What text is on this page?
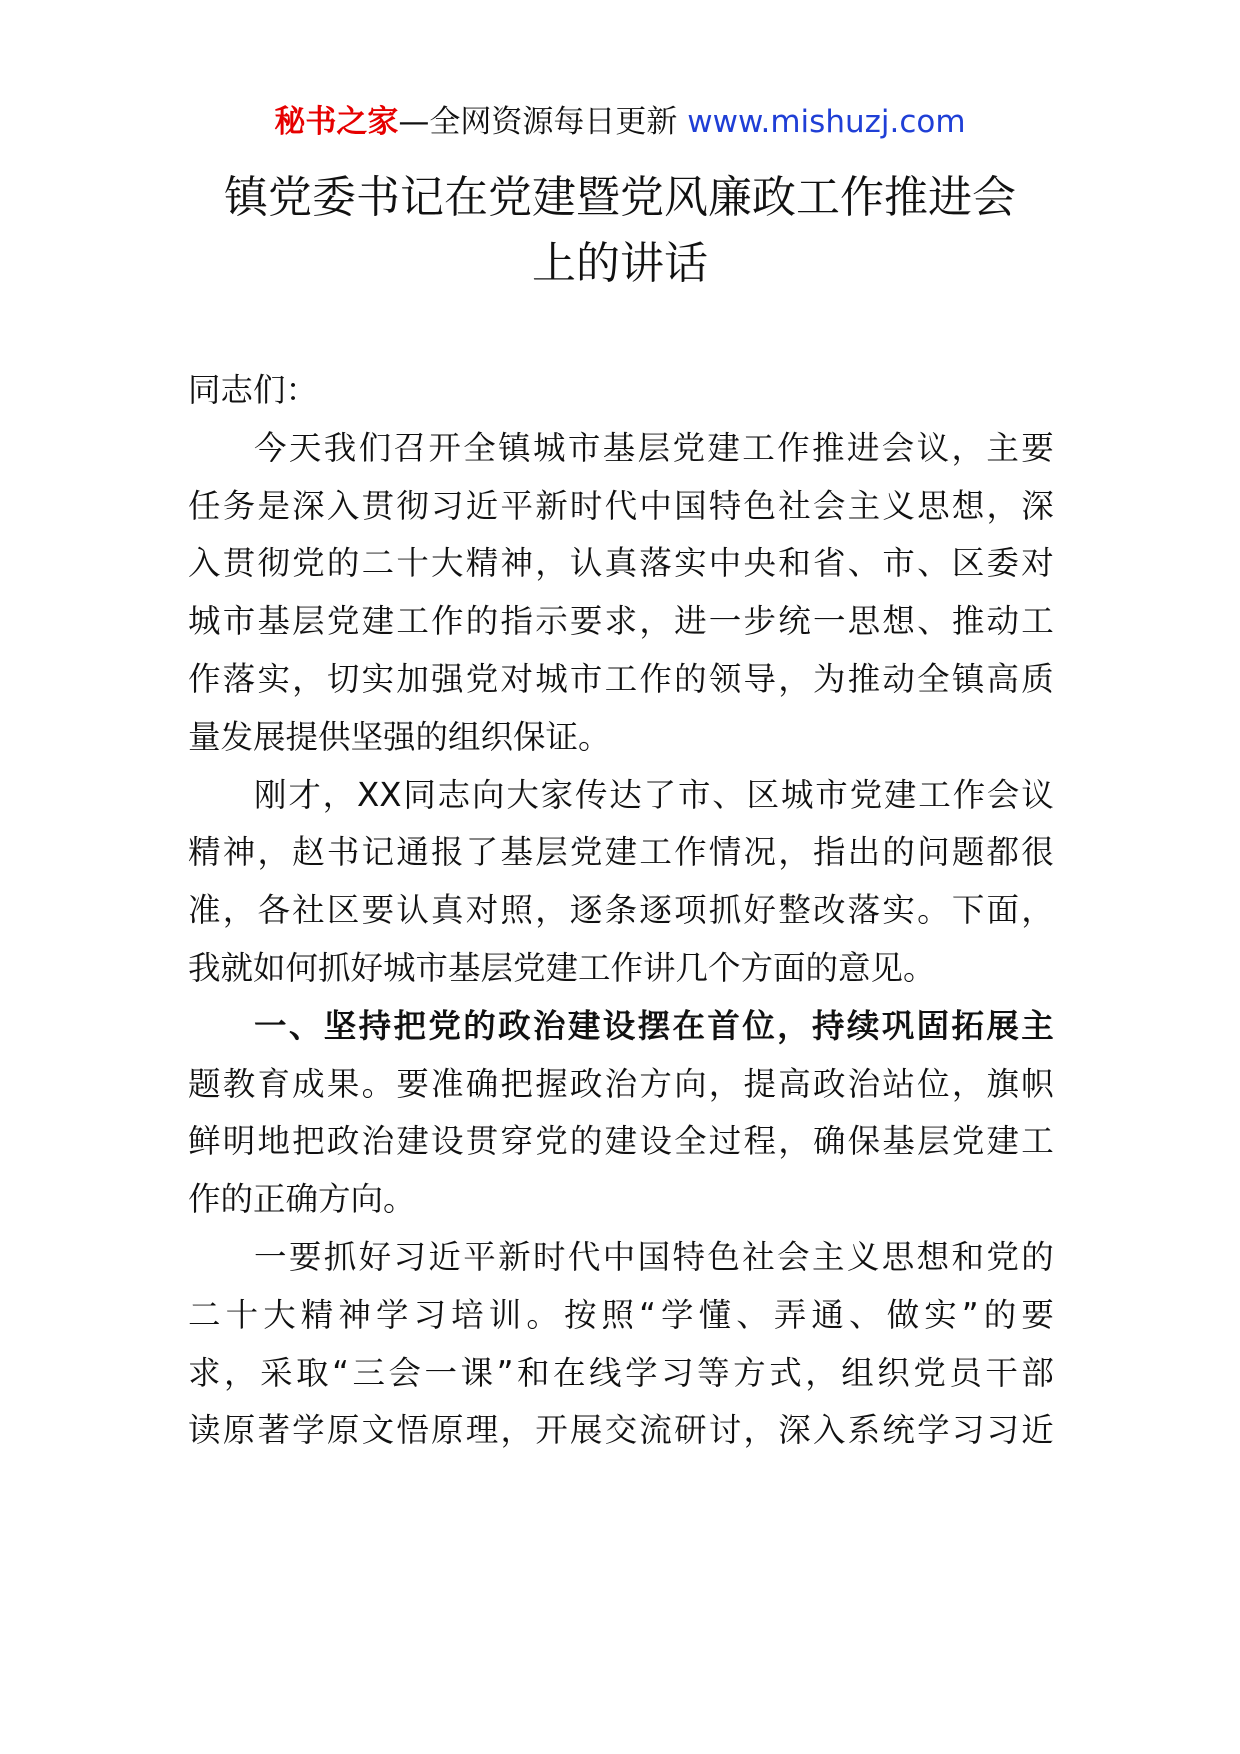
秘书之家—全网资源每日更新 www.mishuzj.com
镇党委书记在党建暨党风廉政工作推进会
上的讲话
同志们：
今 天 我 们 召 开 全 镇 城 市 基 层 党 建 工 作 推 进 会 议 ， 主 要
任 务 是 深 入 贯 彻 习 近 平 新 时 代 中 国 特 色 社 会 主 义 思 想 ， 深
入 贯 彻 党 的 二 十 大 精 神 ， 认 真 落 实 中 央 和 省 、 市 、 区 委 对
城 市 基 层 党 建 工 作 的 指 示 要 求 ， 进 一 步 统 一 思 想 、 推 动 工
作 落 实 ， 切 实 加 强 党 对 城 市 工 作 的 领 导 ， 为 推 动 全 镇 高 质
量发展提供坚强的组织保证。
刚 才 ， XX 同 志 向 大 家 传 达 了 市 、 区 城 市 党 建 工 作 会 议
精 神 ， 赵 书 记 通 报 了 基 层 党 建 工 作 情 况 ， 指 出 的 问 题 都 很
准 ， 各 社 区 要 认 真 对 照 ， 逐 条 逐 项 抓 好 整 改 落 实 。 下 面 ，
我就如何抓好城市基层党建工作讲几个方面的意见。
一 、 坚 持 把 党 的 政 治 建 设 摆 在 首 位 ， 持 续 巩 固 拓 展 主
题 教 育 成 果 。 要 准 确 把 握 政 治 方 向 ， 提 高 政 治 站 位 ， 旗 帜
鲜 明 地 把 政 治 建 设 贯 穿 党 的 建 设 全 过 程 ， 确 保 基 层 党 建 工
作的正确方向。
一 要 抓 好 习 近 平 新 时 代 中 国 特 色 社 会 主 义 思 想 和 党 的
二 十 大 精 神 学 习 培 训 。 按 照 “ 学 懂 、 弄 通 、 做 实 ” 的 要
求 ， 采 取 “ 三 会 一 课 ” 和 在 线 学 习 等 方 式 ， 组 织 党 员 干 部
读 原 著 学 原 文 悟 原 理 ， 开 展 交 流 研 讨 ， 深 入 系 统 学 习 习 近
